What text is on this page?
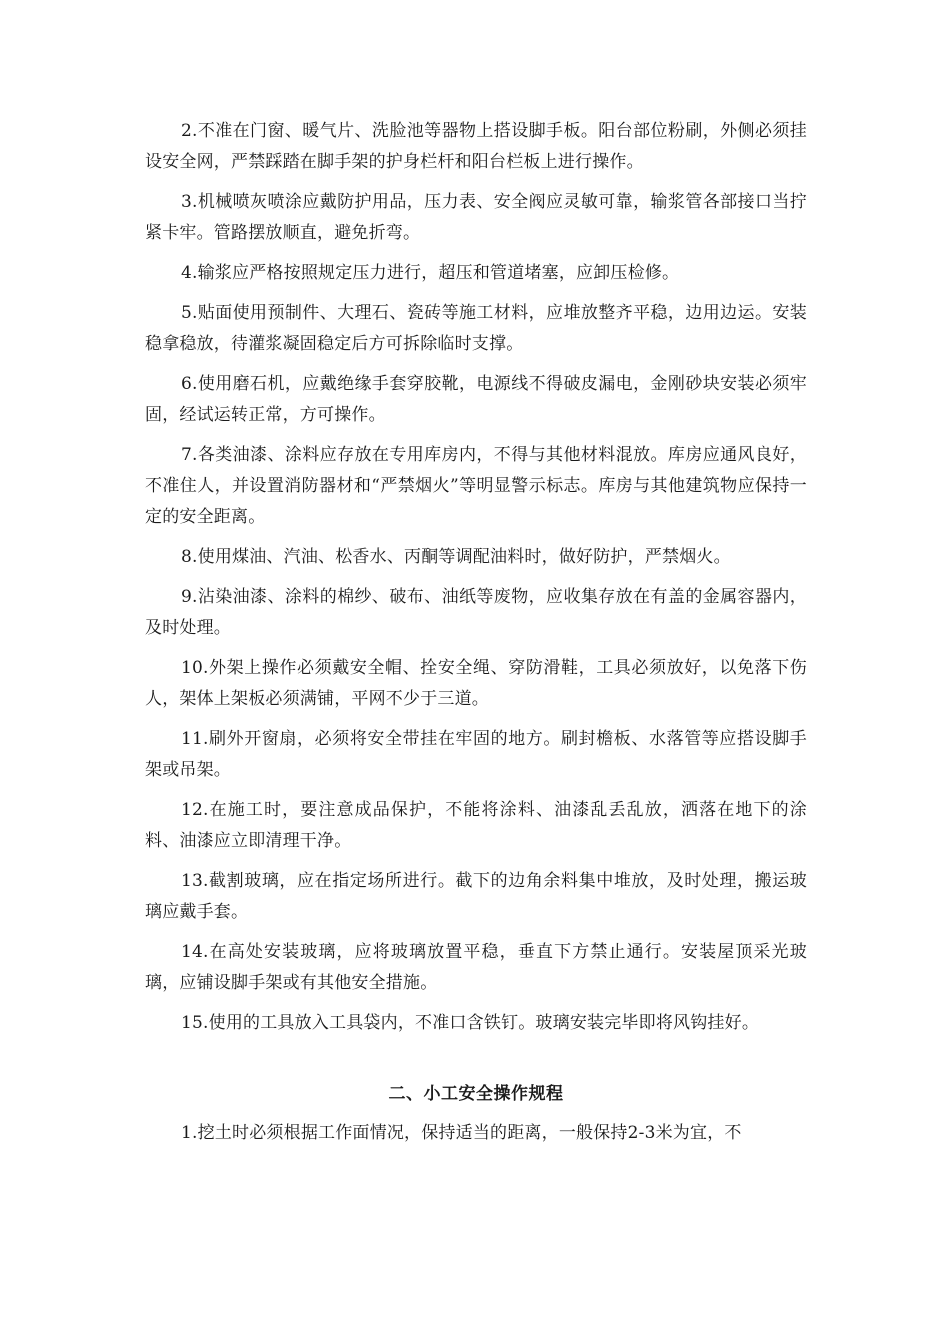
2.不准在门窗、暖气片、洗脸池等器物上搭设脚手板。阳台部位粉刷，外侧必须挂设安全网，严禁踩踏在脚手架的护身栏杆和阳台栏板上进行操作。

3.机械喷灰喷涂应戴防护用品，压力表、安全阀应灵敏可靠，输浆管各部接口当拧紧卡牢。管路摆放顺直，避免折弯。

4.输浆应严格按照规定压力进行，超压和管道堵塞，应卸压检修。

5.贴面使用预制件、大理石、瓷砖等施工材料，应堆放整齐平稳，边用边运。安装稳拿稳放，待灌浆凝固稳定后方可拆除临时支撑。

6.使用磨石机，应戴绝缘手套穿胶靴，电源线不得破皮漏电，金刚砂块安装必须牢固，经试运转正常，方可操作。

7.各类油漆、涂料应存放在专用库房内，不得与其他材料混放。库房应通风良好，不准住人，并设置消防器材和“严禁烟火”等明显警示标志。库房与其他建筑物应保持一定的安全距离。

8.使用煤油、汽油、松香水、丙酮等调配油料时，做好防护，严禁烟火。

9.沾染油漆、涂料的棉纱、破布、油纸等废物，应收集存放在有盖的金属容器内，及时处理。

10.外架上操作必须戴安全帽、拴安全绳、穿防滑鞋，工具必须放好，以免落下伤人，架体上架板必须满铺，平网不少于三道。

11.刷外开窗扇，必须将安全带挂在牢固的地方。刷封檐板、水落管等应搭设脚手架或吊架。

12.在施工时，要注意成品保护，不能将涂料、油漆乱丢乱放，洒落在地下的涂料、油漆应立即清理干净。

13.截割玻璃，应在指定场所进行。截下的边角余料集中堆放，及时处理，搬运玻璃应戴手套。

14.在高处安装玻璃，应将玻璃放置平稳，垂直下方禁止通行。安装屋顶采光玻璃，应铺设脚手架或有其他安全措施。

15.使用的工具放入工具袋内，不准口含铁钉。玻璃安装完毕即将风钩挂好。

二、小工安全操作规程

1.挖土时必须根据工作面情况，保持适当的距离，一般保持2-3米为宜，不
